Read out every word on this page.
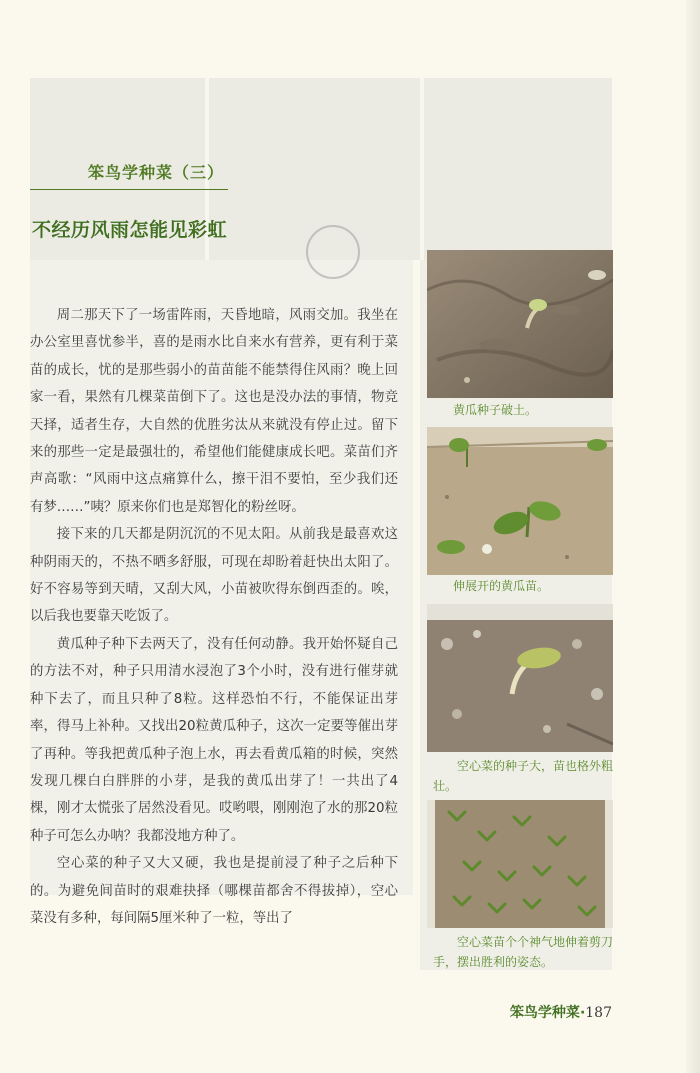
笨鸟学种菜（三）
不经历风雨怎能见彩虹

周二那天下了一场雷阵雨，天昏地暗，风雨交加。我坐在办公室里喜忧参半，喜的是雨水比自来水有营养，更有利于菜苗的成长，忧的是那些弱小的苗苗能不能禁得住风雨？晚上回家一看，果然有几棵菜苗倒下了。这也是没办法的事情，物竞天择，适者生存，大自然的优胜劣汰从来就没有停止过。留下来的那些一定是最强壮的，希望他们能健康成长吧。菜苗们齐声高歌：“风雨中这点痛算什么，擦干泪不要怕，至少我们还有梦……”咦？原来你们也是郑智化的粉丝呀。

接下来的几天都是阴沉沉的不见太阳。从前我是最喜欢这种阴雨天的，不热不晒多舒服，可现在却盼着赶快出太阳了。好不容易等到天晴，又刮大风，小苗被吹得东倒西歪的。唉，以后我也要靠天吃饭了。

黄瓜种子种下去两天了，没有任何动静。我开始怀疑自己的方法不对，种子只用清水浸泡了3个小时，没有进行催芽就种下去了，而且只种了8粒。这样恐怕不行，不能保证出芽率，得马上补种。又找出20粒黄瓜种子，这次一定要等催出芽了再种。等我把黄瓜种子泡上水，再去看黄瓜箱的时候，突然发现几棵白白胖胖的小芽，是我的黄瓜出芽了！一共出了4棵，刚才太慌张了居然没看见。哎哟喂，刚刚泡了水的那20粒种子可怎么办呐？我都没地方种了。

空心菜的种子又大又硬，我也是提前浸了种子之后种下的。为避免间苗时的艰难抉择（哪棵苗都舍不得拔掉），空心菜没有多种，每间隔5厘米种了一粒，等出了

黄瓜种子破土。
伸展开的黄瓜苗。
空心菜的种子大，苗也格外粗壮。
空心菜苗个个神气地伸着剪刀手，摆出胜利的姿态。
笨鸟学种菜·187
